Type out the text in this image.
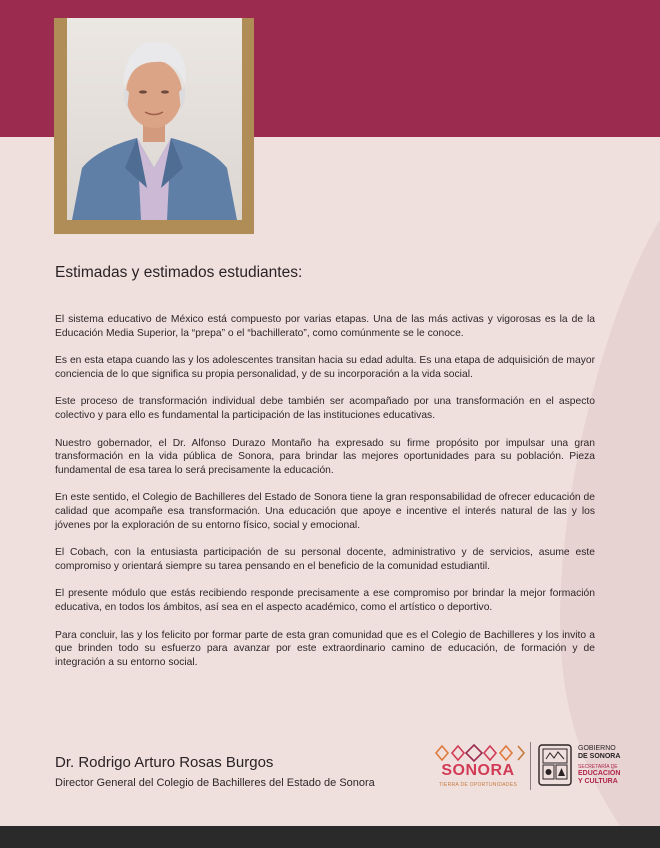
Estimadas y estimados estudiantes:

El sistema educativo de México está compuesto por varias etapas. Una de las más activas y vigorosas es la de la Educación Media Superior, la “prepa” o el “bachillerato”, como comúnmente se le conoce.

Es en esta etapa cuando las y los adolescentes transitan hacia su edad adulta. Es una etapa de adquisición de mayor conciencia de lo que significa su propia personalidad, y de su incorporación a la vida social.

Este proceso de transformación individual debe también ser acompañado por una transformación en el aspecto colectivo y para ello es fundamental la participación de las instituciones educativas.

Nuestro gobernador, el Dr. Alfonso Durazo Montaño ha expresado su firme propósito por impulsar una gran transformación en la vida pública de Sonora, para brindar las mejores oportunidades para su población. Pieza fundamental de esa tarea lo será precisamente la educación.

En este sentido, el Colegio de Bachilleres del Estado de Sonora tiene la gran responsabilidad de ofrecer educación de calidad que acompañe esa transformación. Una educación que apoye e incentive el interés natural de las y los jóvenes por la exploración de su entorno físico, social y emocional.

El Cobach, con la entusiasta participación de su personal docente, administrativo y de servicios, asume este compromiso y orientará siempre su tarea pensando en el beneficio de la comunidad estudiantil.

El presente módulo que estás recibiendo responde precisamente a ese compromiso por brindar la mejor formación educativa, en todos los ámbitos, así sea en el aspecto académico, como el artístico o deportivo.

Para concluir, las y los felicito por formar parte de esta gran comunidad que es el Colegio de Bachilleres y los invito a que brinden todo su esfuerzo para avanzar por este extraordinario camino de educación, de formación y de integración a su entorno social.

Dr. Rodrigo Arturo Rosas Burgos
Director General del Colegio de Bachilleres del Estado de Sonora
SONORA
TIERRA DE OPORTUNIDADES
GOBIERNO
DE SONORA
SECRETARÍA DE
EDUCACIÓN
Y CULTURA
